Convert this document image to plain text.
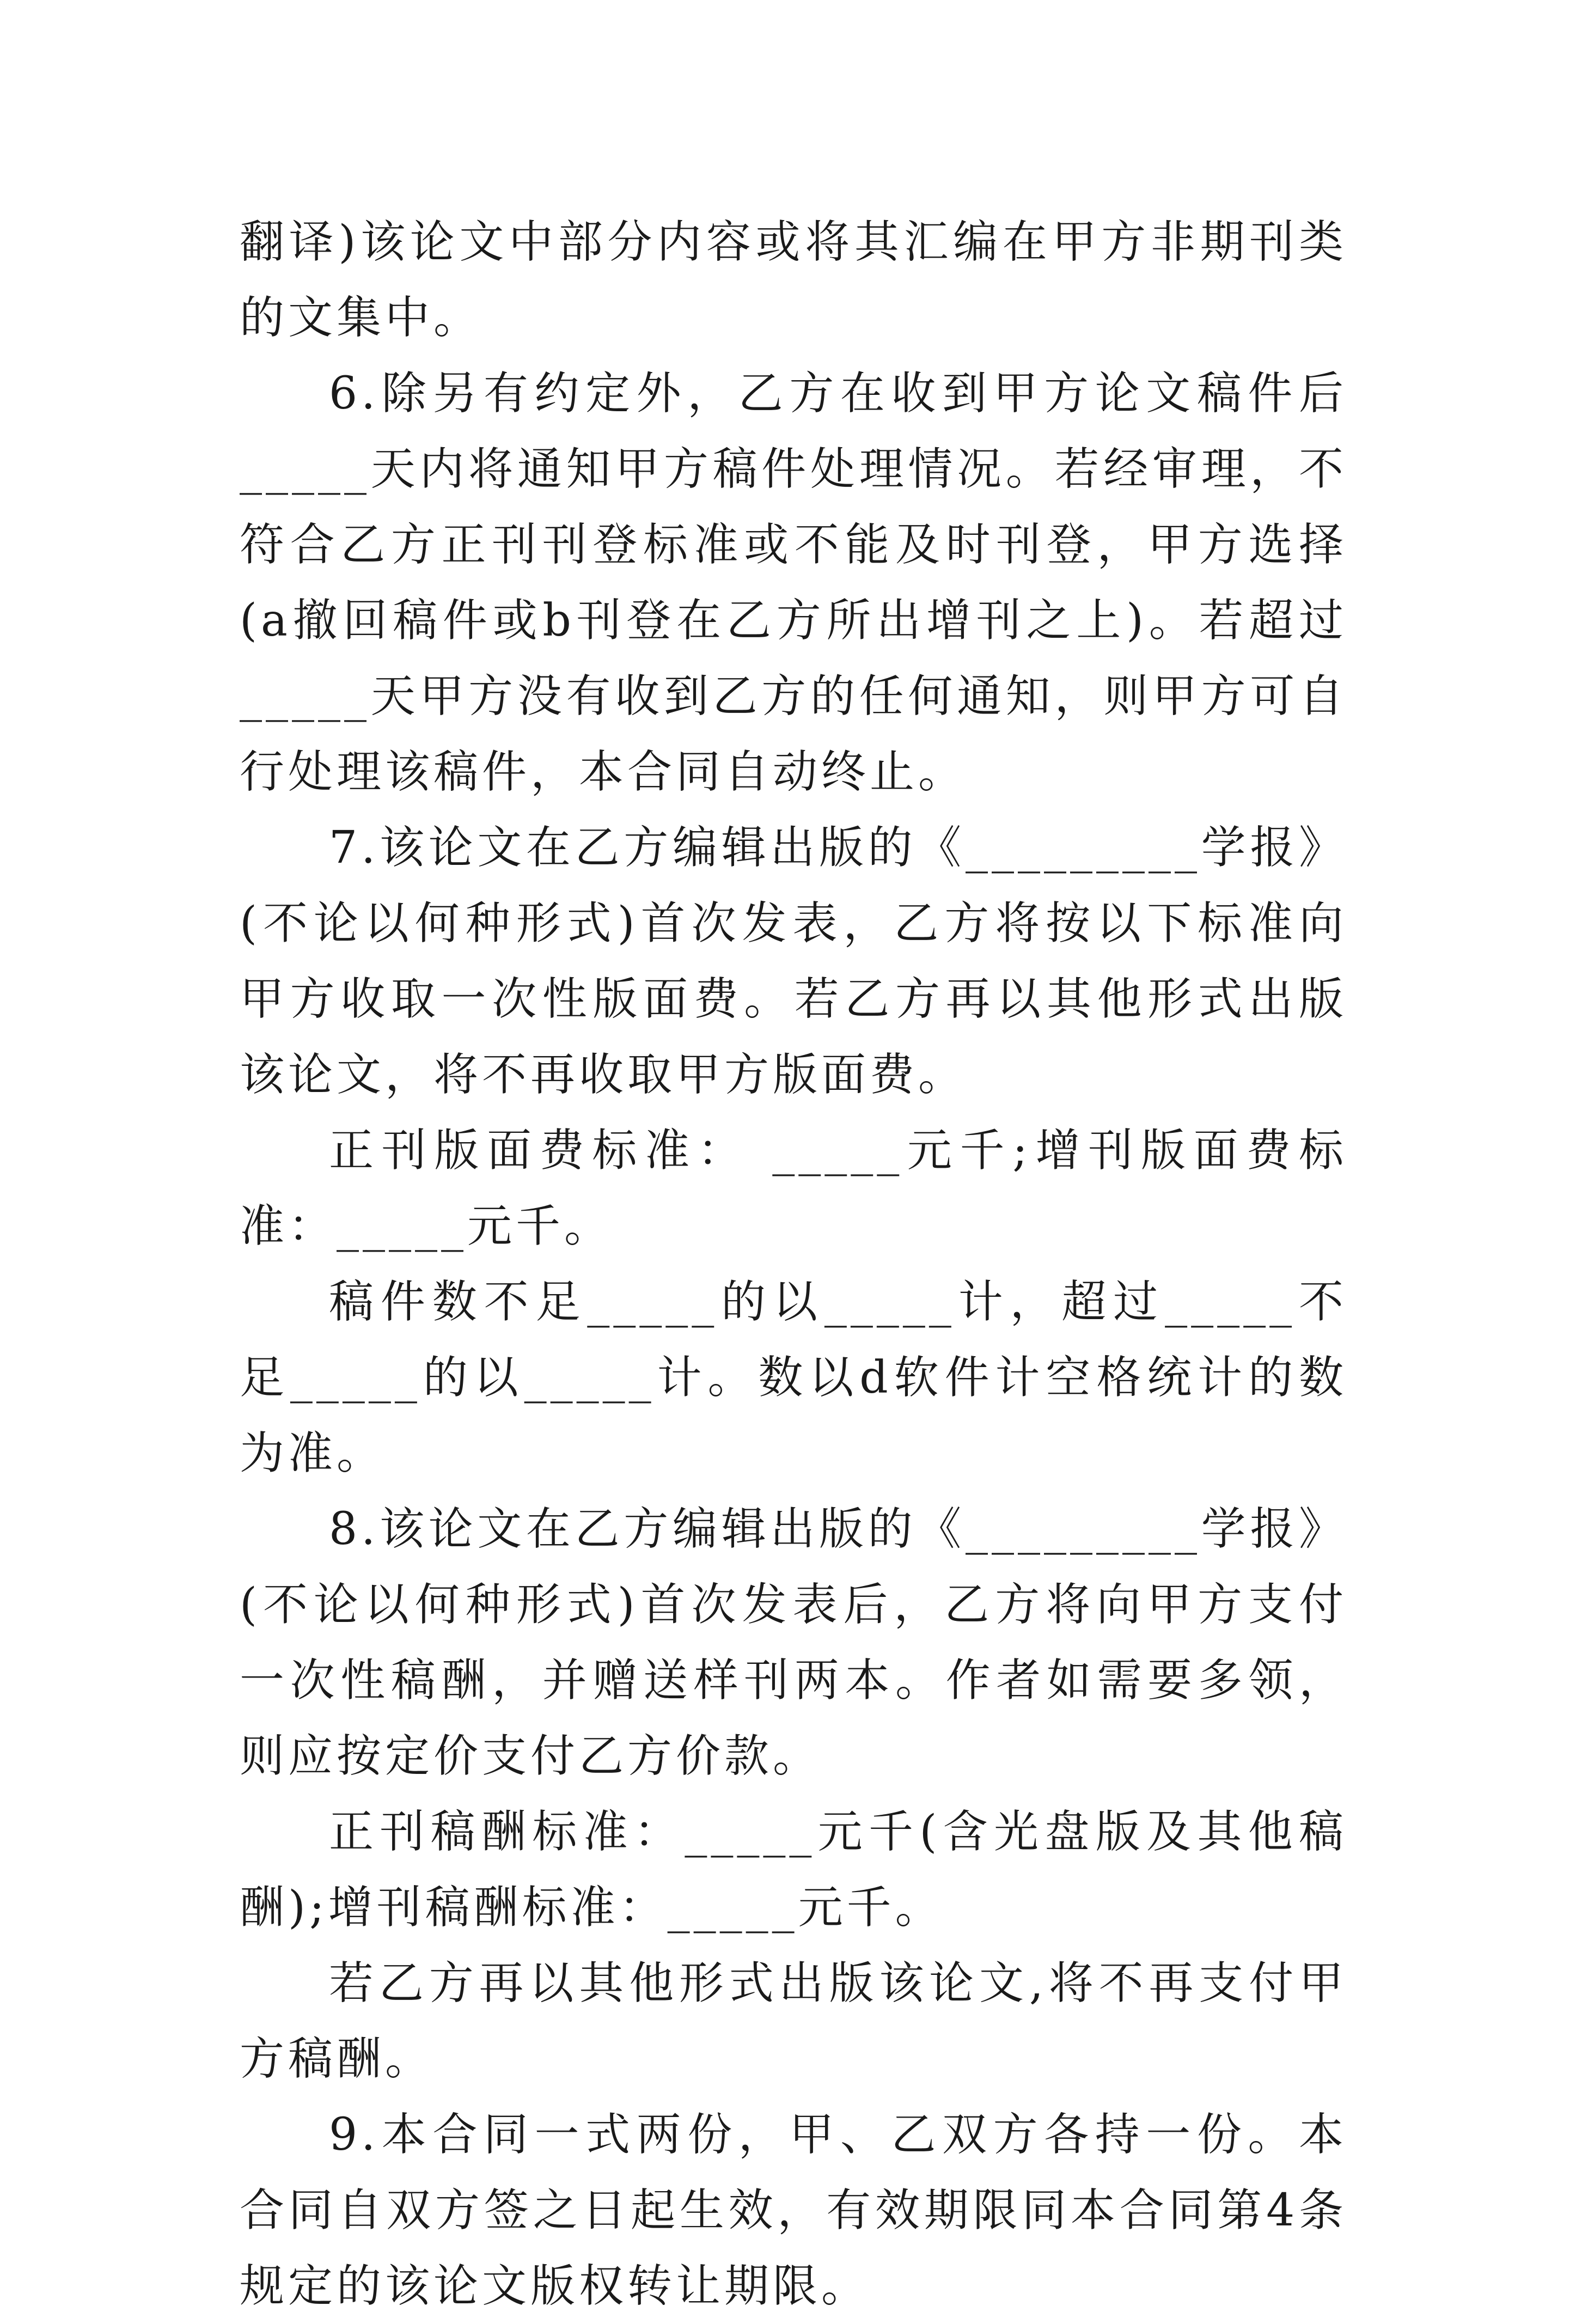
翻译)该论文中部分内容或将其汇编在甲方非期刊类的文集中。

6.除另有约定外，乙方在收到甲方论文稿件后_____天内将通知甲方稿件处理情况。若经审理，不符合乙方正刊刊登标准或不能及时刊登，甲方选择(a撤回稿件或b刊登在乙方所出增刊之上)。若超过_____天甲方没有收到乙方的任何通知，则甲方可自行处理该稿件，本合同自动终止。

7.该论文在乙方编辑出版的《_________学报》(不论以何种形式)首次发表，乙方将按以下标准向甲方收取一次性版面费。若乙方再以其他形式出版该论文，将不再收取甲方版面费。

正刊版面费标准： _____元千;增刊版面费标准：_____元千。

稿件数不足_____的以_____计，超过_____不足_____的以_____计。数以d软件计空格统计的数为准。

8.该论文在乙方编辑出版的《_________学报》(不论以何种形式)首次发表后，乙方将向甲方支付一次性稿酬，并赠送样刊两本。作者如需要多领，则应按定价支付乙方价款。

正刊稿酬标准：_____元千(含光盘版及其他稿酬);增刊稿酬标准：_____元千。

若乙方再以其他形式出版该论文,将不再支付甲方稿酬。

9.本合同一式两份，甲、乙双方各持一份。本合同自双方签之日起生效，有效期限同本合同第4条规定的该论文版权转让期限。
